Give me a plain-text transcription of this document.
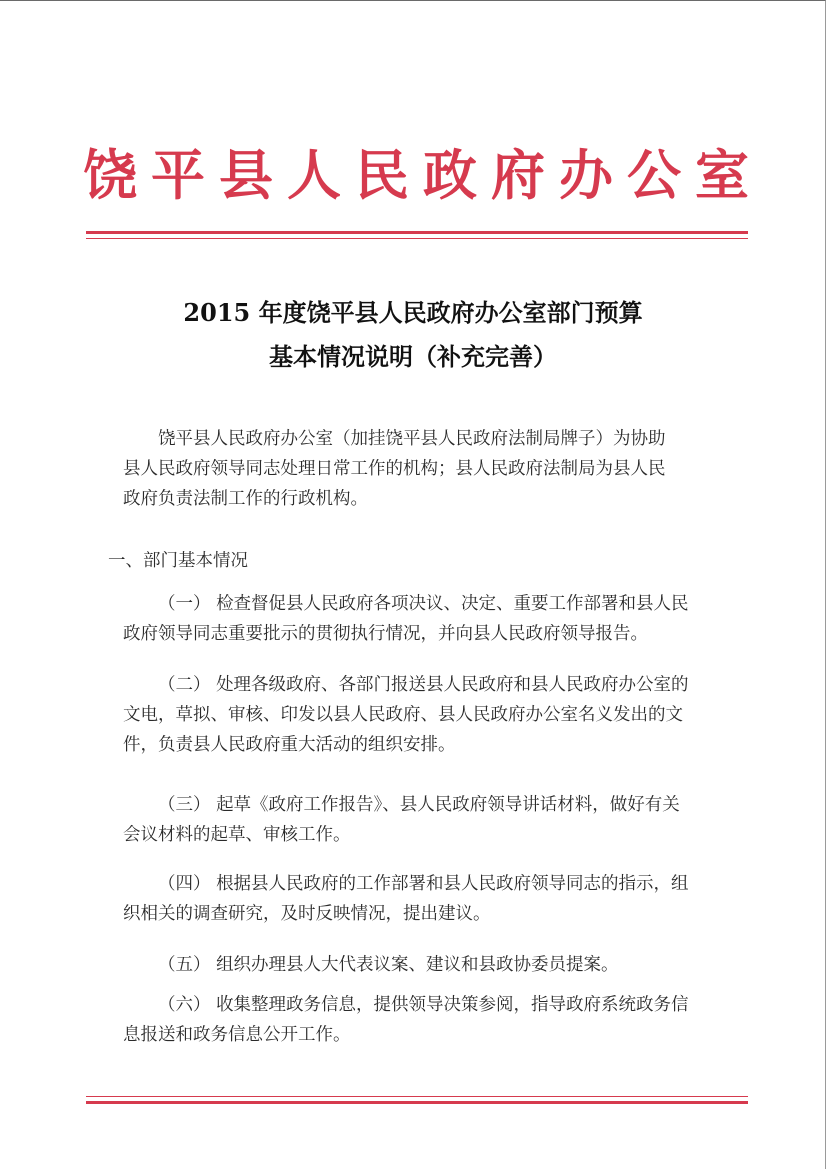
饶平县人民政府办公室
2015 年度饶平县人民政府办公室部门预算
基本情况说明（补充完善）
饶平县人民政府办公室（加挂饶平县人民政府法制局牌子）为协助
县人民政府领导同志处理日常工作的机构；县人民政府法制局为县人民
政府负责法制工作的行政机构。
一、部门基本情况
（一） 检查督促县人民政府各项决议、决定、重要工作部署和县人民
政府领导同志重要批示的贯彻执行情况，并向县人民政府领导报告。
（二） 处理各级政府、各部门报送县人民政府和县人民政府办公室的
文电，草拟、审核、印发以县人民政府、县人民政府办公室名义发出的文
件，负责县人民政府重大活动的组织安排。
（三） 起草《政府工作报告》、县人民政府领导讲话材料，做好有关
会议材料的起草、审核工作。
（四） 根据县人民政府的工作部署和县人民政府领导同志的指示，组
织相关的调查研究，及时反映情况，提出建议。
（五） 组织办理县人大代表议案、建议和县政协委员提案。
（六） 收集整理政务信息，提供领导决策参阅，指导政府系统政务信
息报送和政务信息公开工作。
